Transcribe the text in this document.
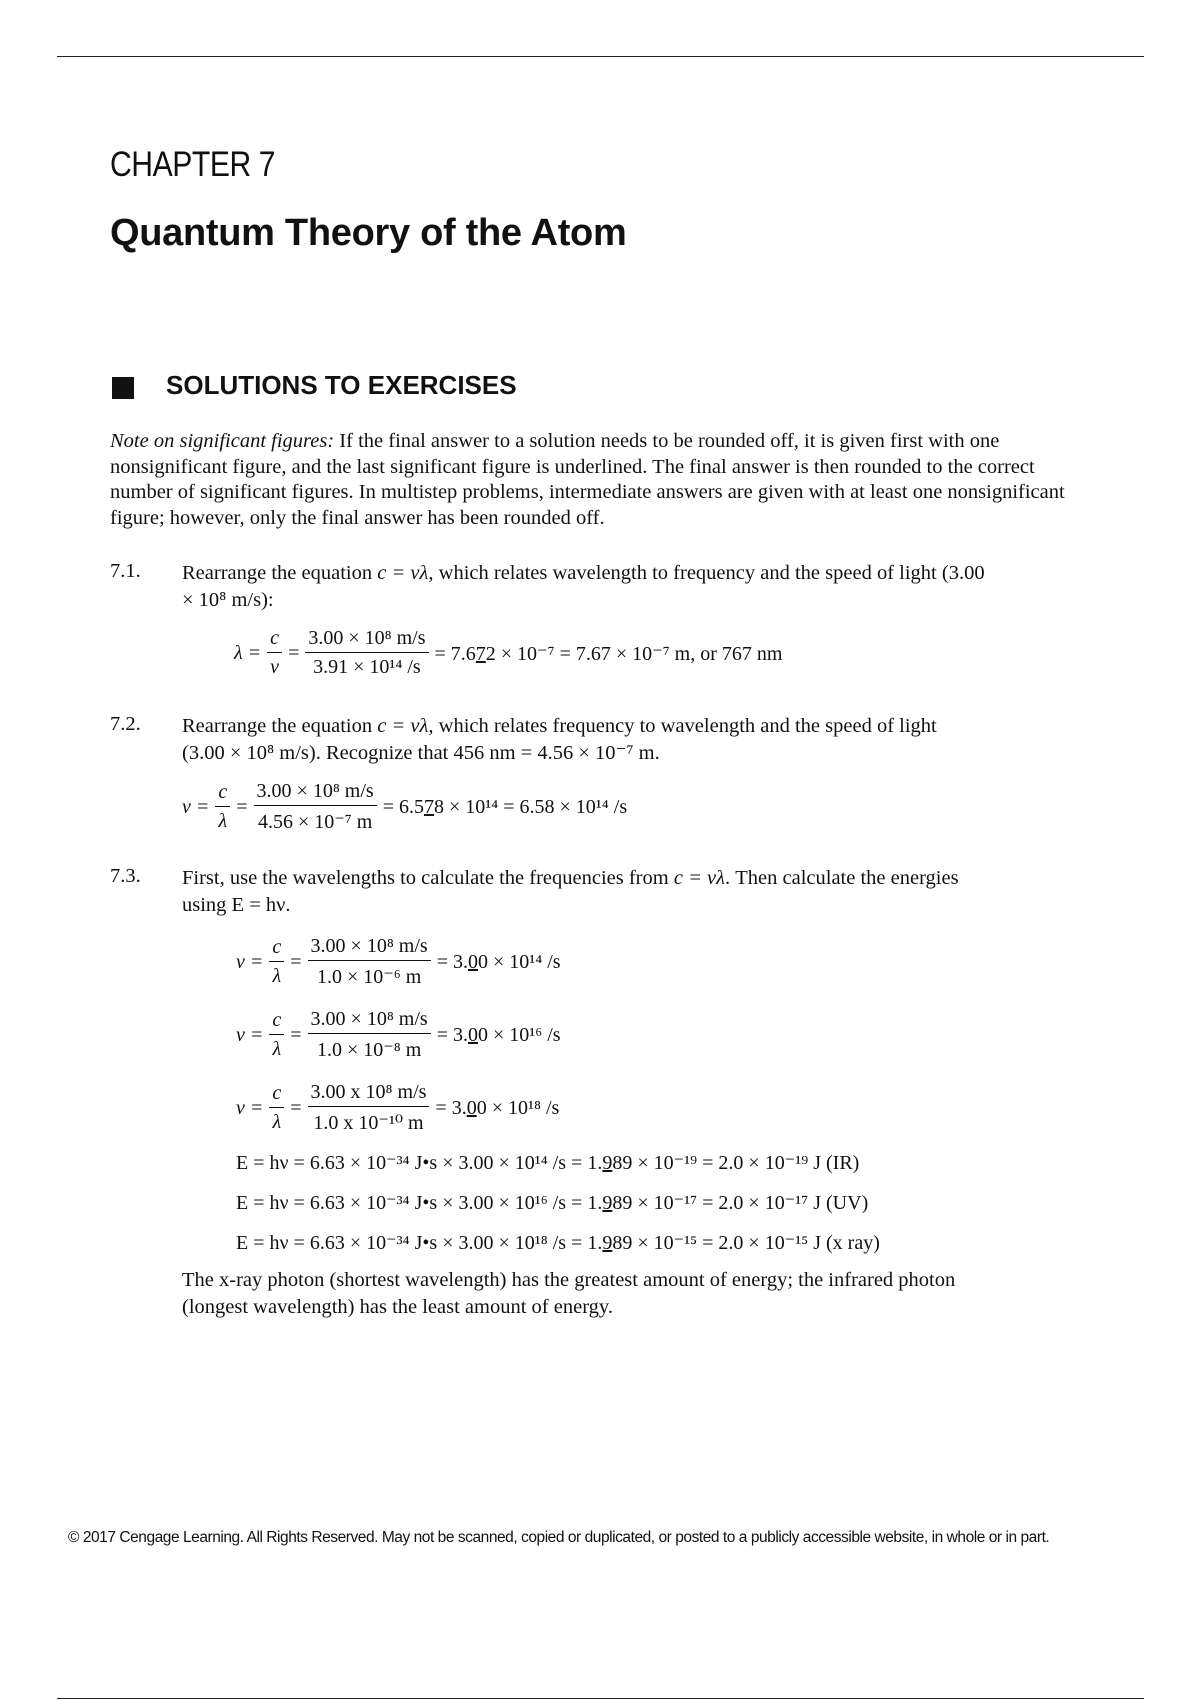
CHAPTER 7
Quantum Theory of the Atom
SOLUTIONS TO EXERCISES
Note on significant figures: If the final answer to a solution needs to be rounded off, it is given first with one nonsignificant figure, and the last significant figure is underlined. The final answer is then rounded to the correct number of significant figures. In multistep problems, intermediate answers are given with at least one nonsignificant figure; however, only the final answer has been rounded off.
7.1. Rearrange the equation c = νλ, which relates wavelength to frequency and the speed of light (3.00
× 10⁸ m/s):
$\lambda = \frac{c}{\nu} = \frac{\text{3.00 × 10⁸ m/s}}{\text{3.91 × 10¹⁴ /s}} = 7.672 \times 10^{-7} = 7.67 \times 10^{-7}$ m, or 767 nm
7.2. Rearrange the equation c = νλ, which relates frequency to wavelength and the speed of light
(3.00 × 10⁸ m/s). Recognize that 456 nm = 4.56 × 10⁻⁷ m.
$\nu = \frac{c}{\lambda} = \frac{\text{3.00 × 10⁸ m/s}}{\text{4.56 × 10⁻⁷ m}} = 6.578 \times 10^{14} = 6.58 \times 10^{14}$ /s
7.3. First, use the wavelengths to calculate the frequencies from c = νλ. Then calculate the energies
using E = hν.
$\nu = \frac{c}{\lambda} = \frac{\text{3.00 × 10⁸ m/s}}{\text{1.0 × 10⁻⁶ m}} = 3.00 \times 10^{14}$ /s
$\nu = \frac{c}{\lambda} = \frac{\text{3.00 × 10⁸ m/s}}{\text{1.0 × 10⁻⁸ m}} = 3.00 \times 10^{16}$ /s
$\nu = \frac{c}{\lambda} = \frac{\text{3.00 x 10⁸ m/s}}{\text{1.0 x 10⁻¹⁰ m}} = 3.00 \times 10^{18}$ /s
E = hν = 6.63 × 10⁻³⁴ J•s × 3.00 × 10¹⁴ /s = 1.989 × 10⁻¹⁹ = 2.0 × 10⁻¹⁹ J (IR)
E = hν = 6.63 × 10⁻³⁴ J•s × 3.00 × 10¹⁶ /s = 1.989 × 10⁻¹⁷ = 2.0 × 10⁻¹⁷ J (UV)
E = hν = 6.63 × 10⁻³⁴ J•s × 3.00 × 10¹⁸ /s = 1.989 × 10⁻¹⁵ = 2.0 × 10⁻¹⁵ J (x ray)
The x-ray photon (shortest wavelength) has the greatest amount of energy; the infrared photon
(longest wavelength) has the least amount of energy.
© 2017 Cengage Learning. All Rights Reserved. May not be scanned, copied or duplicated, or posted to a publicly accessible website, in whole or in part.
